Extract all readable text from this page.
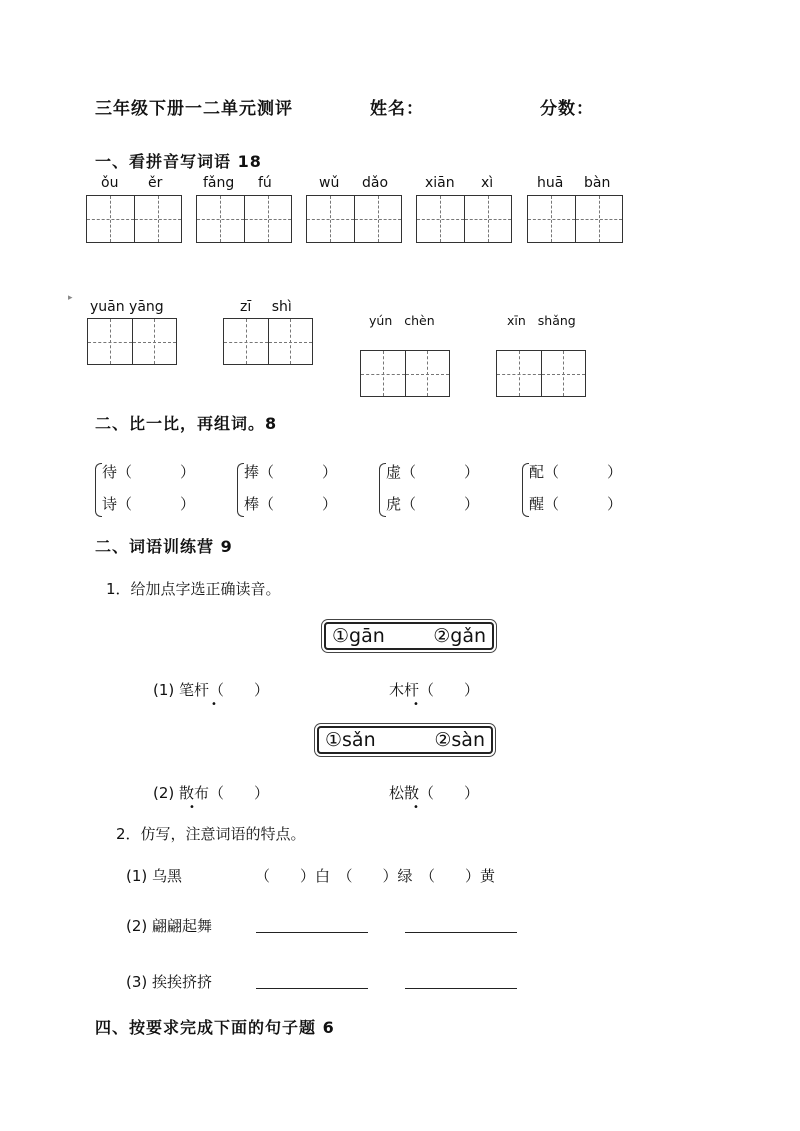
三年级下册一二单元测评	姓名：	分数：
一、看拼音写词语 18
ǒu ěr	fǎng fú	wǔ dǎo	xiān xì	huā bàn
▸
yuān yāng	zī shì
yún chèn	xīn shǎng
二、比一比，再组词。8
待（	）
诗（	）
捧（	）
棒（	）
虚（	）
虎（	）
配（	）
醒（	）
二、词语训练营 9
1．给加点字选正确读音。
①gān	②gǎn
(1) 笔杆（　　）
•
木杆（　　）
•
①sǎn	②sàn
(2) 散布（　　）
•
松散（　　）
•
2．仿写，注意词语的特点。
(1) 乌黑	（　　）白　（　　）绿　（　　）黄
(2) 翩翩起舞
(3) 挨挨挤挤
四、按要求完成下面的句子题 6
